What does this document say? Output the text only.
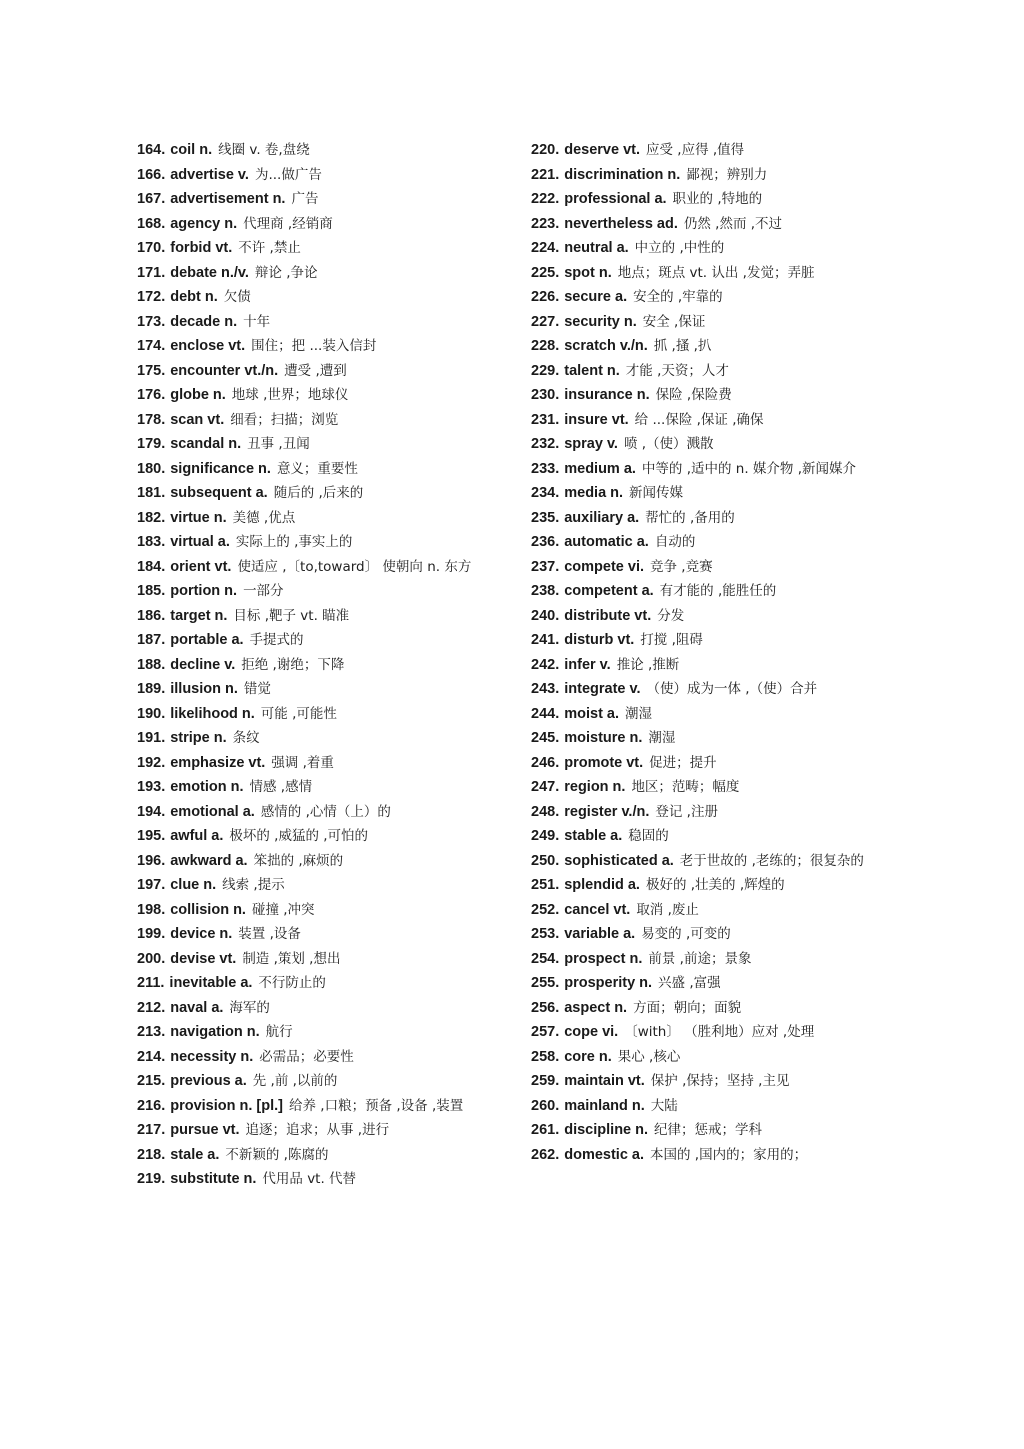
164. coil n. 线圈 v. 卷,盘绕
166. advertise v. 为...做广告
167. advertisement n. 广告
168. agency n. 代理商 ,经销商
170. forbid vt. 不许 ,禁止
171. debate n./v. 辩论 ,争论
172. debt n. 欠债
173. decade n. 十年
174. enclose vt. 围住；把 ...装入信封
175. encounter vt./n. 遭受 ,遭到
176. globe n. 地球 ,世界；地球仪
178. scan vt. 细看；扫描；浏览
179. scandal n. 丑事 ,丑闻
180. significance n. 意义；重要性
181. subsequent a. 随后的 ,后来的
182. virtue n. 美德 ,优点
183. virtual a. 实际上的 ,事实上的
184. orient vt. 使适应 ,〔to,toward〕 使朝向 n. 东方
185. portion n. 一部分
186. target n. 目标 ,靶子 vt. 瞄准
187. portable a. 手提式的
188. decline v. 拒绝 ,谢绝；下降
189. illusion n. 错觉
190. likelihood n. 可能 ,可能性
191. stripe n. 条纹
192. emphasize vt. 强调 ,着重
193. emotion n. 情感 ,感情
194. emotional a. 感情的 ,心情（上）的
195. awful a. 极坏的 ,威猛的 ,可怕的
196. awkward a. 笨拙的 ,麻烦的
197. clue n. 线索 ,提示
198. collision n. 碰撞 ,冲突
199. device n. 装置 ,设备
200. devise vt. 制造 ,策划 ,想出
211. inevitable a. 不行防止的
212. naval a. 海军的
213. navigation n. 航行
214. necessity n. 必需品；必要性
215. previous a. 先 ,前 ,以前的
216. provision n. [pl.] 给养 ,口粮；预备 ,设备 ,装置
217. pursue vt. 追逐；追求；从事 ,进行
218. stale a. 不新颖的 ,陈腐的
219. substitute n. 代用品 vt. 代替
220. deserve vt. 应受 ,应得 ,值得
221. discrimination n. 鄙视；辨别力
222. professional a. 职业的 ,特地的
223. nevertheless ad. 仍然 ,然而 ,不过
224. neutral a. 中立的 ,中性的
225. spot n. 地点；斑点 vt. 认出 ,发觉；弄脏
226. secure a. 安全的 ,牢靠的
227. security n. 安全 ,保证
228. scratch v./n. 抓 ,搔 ,扒
229. talent n. 才能 ,天资；人才
230. insurance n. 保险 ,保险费
231. insure vt. 给 ...保险 ,保证 ,确保
232. spray v. 喷 ,（使）溅散
233. medium a. 中等的 ,适中的 n. 媒介物 ,新闻媒介
234. media n. 新闻传媒
235. auxiliary a. 帮忙的 ,备用的
236. automatic a. 自动的
237. compete vi. 竞争 ,竞赛
238. competent a. 有才能的 ,能胜任的
240. distribute vt. 分发
241. disturb vt. 打搅 ,阻碍
242. infer v. 推论 ,推断
243. integrate v. （使）成为一体 ,（使）合并
244. moist a. 潮湿
245. moisture n. 潮湿
246. promote vt. 促进；提升
247. region n. 地区；范畴；幅度
248. register v./n. 登记 ,注册
249. stable a. 稳固的
250. sophisticated a. 老于世故的 ,老练的；很复杂的
251. splendid a. 极好的 ,壮美的 ,辉煌的
252. cancel vt. 取消 ,废止
253. variable a. 易变的 ,可变的
254. prospect n. 前景 ,前途；景象
255. prosperity n. 兴盛 ,富强
256. aspect n. 方面；朝向；面貌
257. cope vi. 〔with〕 （胜利地）应对 ,处理
258. core n. 果心 ,核心
259. maintain vt. 保护 ,保持；坚持 ,主见
260. mainland n. 大陆
261. discipline n. 纪律；惩戒；学科
262. domestic a. 本国的 ,国内的；家用的；
